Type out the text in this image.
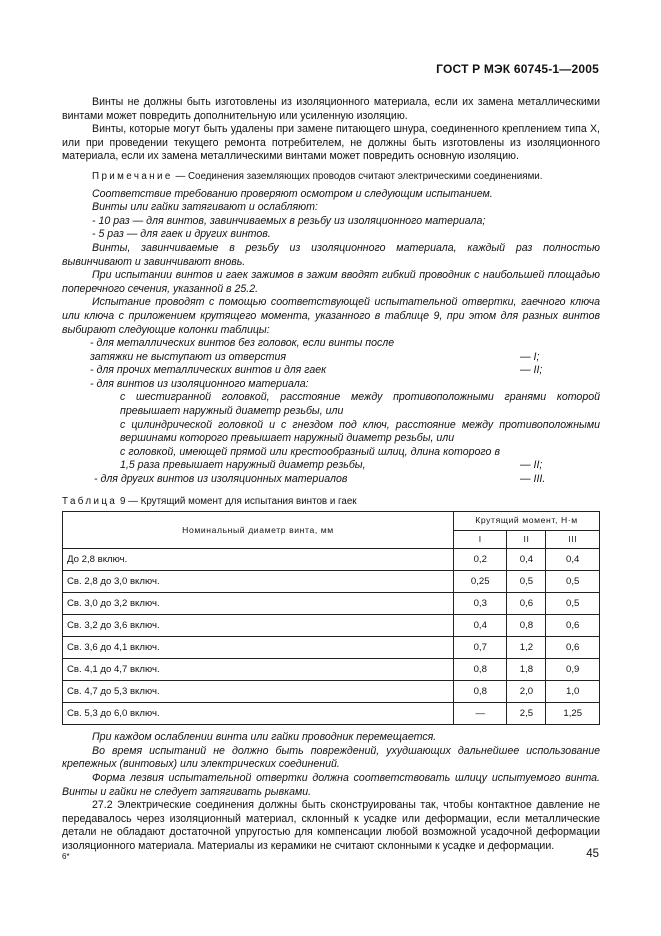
ГОСТ Р МЭК 60745-1—2005

Винты не должны быть изготовлены из изоляционного материала, если их замена металлическими винтами может повредить дополнительную или усиленную изоляцию.

Винты, которые могут быть удалены при замене питающего шнура, соединенного креплением типа Х, или при проведении текущего ремонта потребителем, не должны быть изготовлены из изоляционного материала, если их замена металлическими винтами может повредить основную изоляцию.

Примечание — Соединения заземляющих проводов считают электрическими соединениями.

Соответствие требованию проверяют осмотром и следующим испытанием.

Винты или гайки затягивают и ослабляют:

- 10 раз — для винтов, завинчиваемых в резьбу из изоляционного материала;

- 5 раз — для гаек и других винтов.

Винты, завинчиваемые в резьбу из изоляционного материала, каждый раз полностью вывинчивают и завинчивают вновь.

При испытании винтов и гаек зажимов в зажим вводят гибкий проводник с наибольшей площадью поперечного сечения, указанной в 25.2.

Испытание проводят с помощью соответствующей испытательной отвертки, гаечного ключа или ключа с приложением крутящего момента, указанного в таблице 9, при этом для разных винтов выбирают следующие колонки таблицы:

- для металлических винтов без головок, если винты после

затяжки не выступают из отверстия	— I;

- для прочих металлических винтов и для гаек	— II;

- для винтов из изоляционного материала:

с шестигранной головкой, расстояние между противоположными гранями которой превышает наружный диаметр резьбы, или

с цилиндрической головкой и с гнездом под ключ, расстояние между противоположными вершинами которого превышает наружный диаметр резьбы, или

с головкой, имеющей прямой или крестообразный шлиц, длина которого в 1,5 раза превышает наружный диаметр резьбы,	— II;

- для других винтов из изоляционных материалов	— III.

Таблица 9 — Крутящий момент для испытания винтов и гаек

Номинальный диаметр винта, мм	Крутящий момент, Н·м		
	I	II	III
До 2,8 включ.	0,2	0,4	0,4
Св. 2,8 до 3,0 включ.	0,25	0,5	0,5
Св. 3,0 до 3,2 включ.	0,3	0,6	0,5
Св. 3,2 до 3,6 включ.	0,4	0,8	0,6
Св. 3,6 до 4,1 включ.	0,7	1,2	0,6
Св. 4,1 до 4,7 включ.	0,8	1,8	0,9
Св. 4,7 до 5,3 включ.	0,8	2,0	1,0
Св. 5,3 до 6,0 включ.	—	2,5	1,25

При каждом ослаблении винта или гайки проводник перемещается.

Во время испытаний не должно быть повреждений, ухудшающих дальнейшее использование крепежных (винтовых) или электрических соединений.

Форма лезвия испытательной отвертки должна соответствовать шлицу испытуемого винта. Винты и гайки не следует затягивать рывками.

27.2 Электрические соединения должны быть сконструированы так, чтобы контактное давление не передавалось через изоляционный материал, склонный к усадке или деформации, если металлические детали не обладают достаточной упругостью для компенсации любой возможной усадочной деформации изоляционного материала. Материалы из керамики не считают склонными к усадке и деформации.

6*	45
